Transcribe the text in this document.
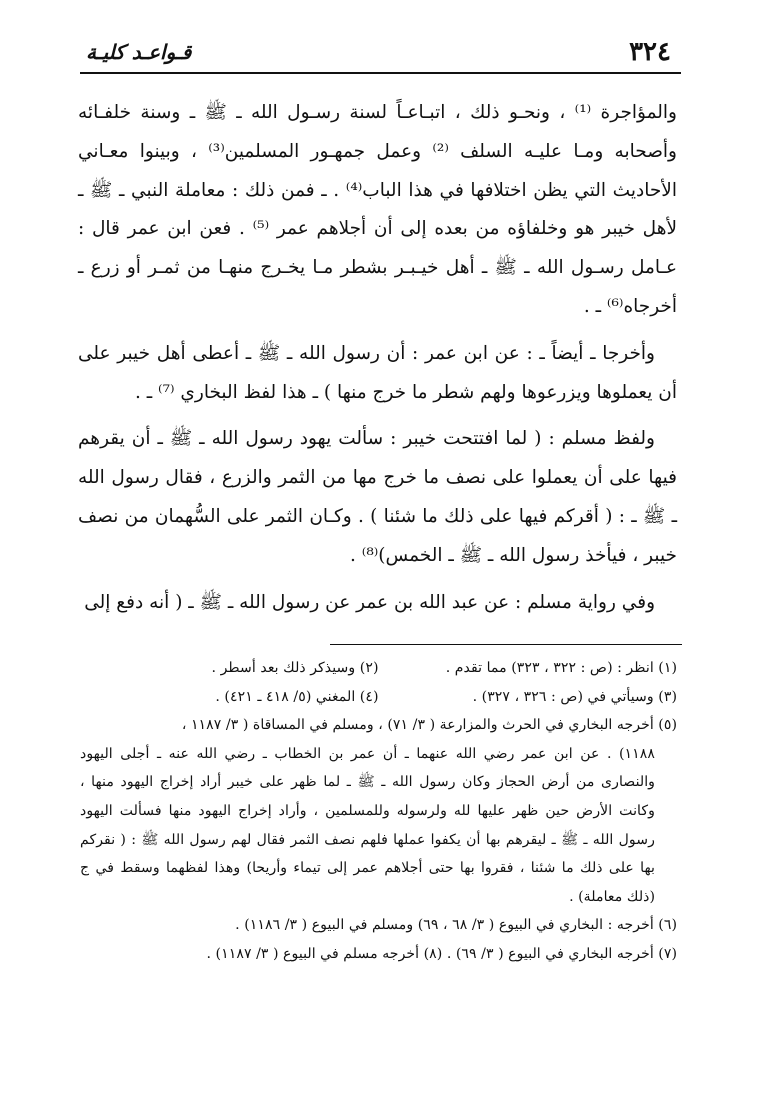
٣٢٤
قـواعـد كليـة

والمؤاجرة ⁽¹⁾ ، ونحـو ذلك ، اتبـاعـاً لسنة رسـول الله ـ ﷺ ـ وسنة خلفـائه وأصحابه ومـا عليـه السلف ⁽²⁾ وعمل جمهـور المسلمين⁽³⁾ ، وبينوا معـاني الأحاديث التي يظن اختلافها في هذا الباب⁽⁴⁾ . ـ فمن ذلك : معاملة النبي ـ ﷺ ـ لأهل خيبر هو وخلفاؤه من بعده إلى أن أجلاهم عمر ⁽⁵⁾ . فعن ابن عمر قال : عـامل رسـول الله ـ ﷺ ـ أهل خيـبـر بشطر مـا يخـرج منهـا من ثمـر أو زرع ـ أخرجاه⁽⁶⁾ ـ .

وأخرجا ـ أيضاً ـ : عن ابن عمر : أن رسول الله ـ ﷺ ـ أعطى أهل خيبر على أن يعملوها ويزرعوها ولهم شطر ما خرج منها ) ـ هذا لفظ البخاري ⁽⁷⁾ ـ .

ولفظ مسلم : ( لما افتتحت خيبر : سألت يهود رسول الله ـ ﷺ ـ أن يقرهم فيها على أن يعملوا على نصف ما خرج مها من الثمر والزرع ، فقال رسول الله ـ ﷺ ـ : ( أقركم فيها على ذلك ما شئنا ) . وكـان الثمر على السُّهمان من نصف خيبر ، فيأخذ رسول الله ـ ﷺ ـ الخمس)⁽⁸⁾ .

وفي رواية مسلم : عن عبد الله بن عمر عن رسول الله ـ ﷺ ـ ( أنه دفع إلى

(١) انظر : (ص : ٣٢٢ ، ٣٢٣) مما تقدم .
(٢) وسيذكر ذلك بعد أسطر .
(٣) وسيأتي في (ص : ٣٢٦ ، ٣٢٧) .
(٤) المغني (٥/ ٤١٨ ـ ٤٢١) .

(٥) أخرجه البخاري في الحرث والمزارعة ( ٣/ ٧١) ، ومسلم في المساقاة ( ٣/ ١١٨٧ ،

١١٨٨) . عن ابن عمر رضي الله عنهما ـ أن عمر بن الخطاب ـ رضي الله عنه ـ أجلى اليهود والنصارى من أرض الحجاز وكان رسول الله ـ ﷺ ـ لما ظهر على خيبر أراد إخراج اليهود منها ، وكانت الأرض حين ظهر عليها لله ولرسوله وللمسلمين ، وأراد إخراج اليهود منها فسألت اليهود رسول الله ـ ﷺ ـ ليقرهم بها أن يكفوا عملها فلهم نصف الثمر فقال لهم رسول الله ﷺ : ( نقركم بها على ذلك ما شئنا ، فقروا بها حتى أجلاهم عمر إلى تيماء وأريحا) وهذا لفظهما وسقط في ج (ذلك معاملة) .

(٦) أخرجه : البخاري في البيوع ( ٣/ ٦٨ ، ٦٩) ومسلم في البيوع ( ٣/ ١١٨٦) .

(٧) أخرجه البخاري في البيوع ( ٣/ ٦٩) . (٨) أخرجه مسلم في البيوع ( ٣/ ١١٨٧) .
